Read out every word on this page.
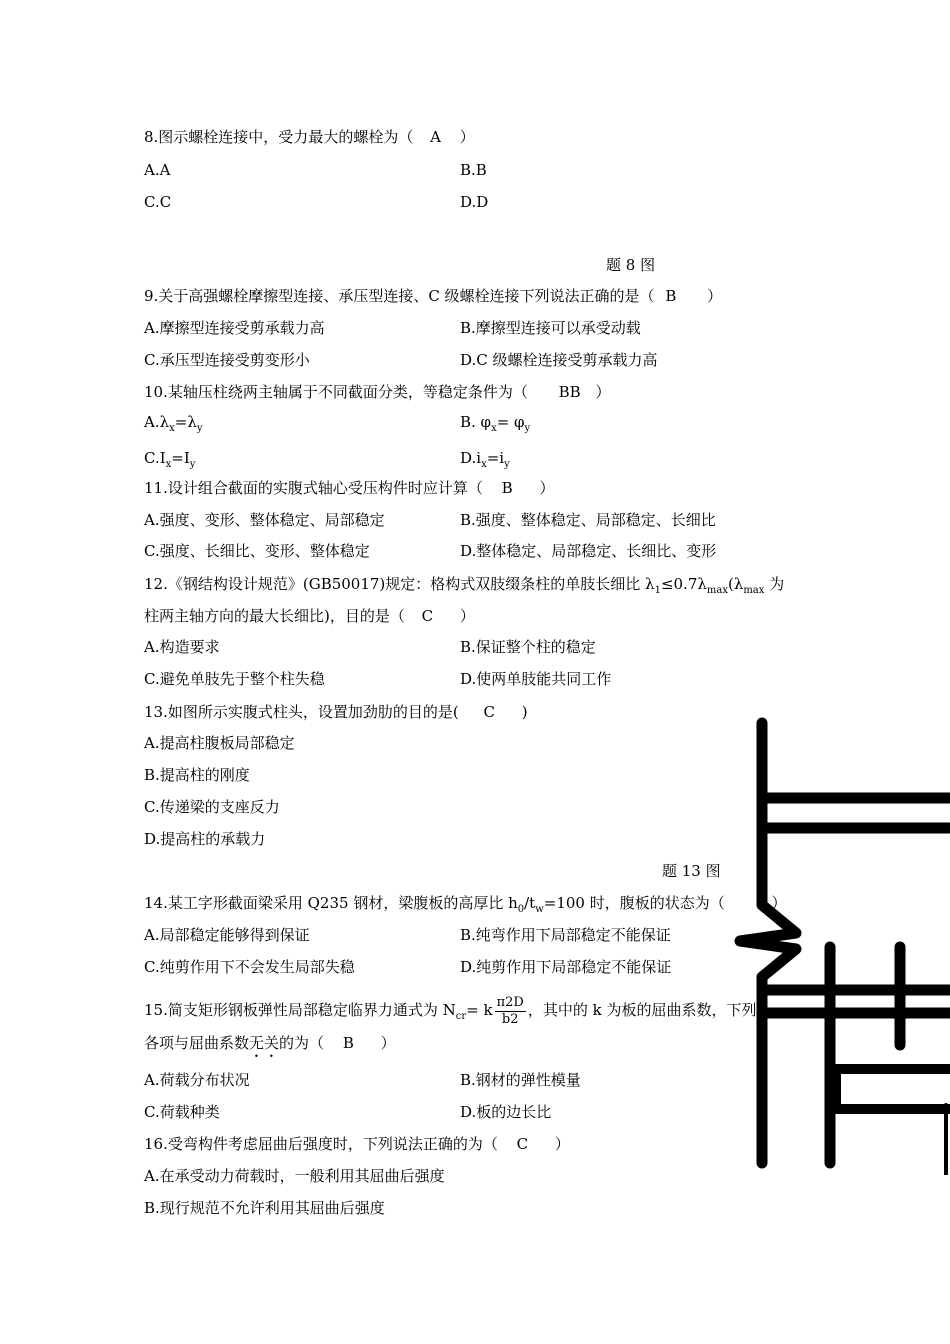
8.图示螺栓连接中，受力最大的螺栓为（ A ）
A.A	B.B
C.C	D.D
题 8 图
9.关于高强螺栓摩擦型连接、承压型连接、C 级螺栓连接下列说法正确的是（ B ）
A.摩擦型连接受剪承载力高	B.摩擦型连接可以承受动载
C.承压型连接受剪变形小	D.C 级螺栓连接受剪承载力高
10.某轴压柱绕两主轴属于不同截面分类，等稳定条件为（ BB ）
$A.\lambda_x=\lambda_y$	B. $\varphi_x= \varphi_y$
$C.I_x=I_y$	$D.i_x=i_y$
11.设计组合截面的实腹式轴心受压构件时应计算（ B ）
A.强度、变形、整体稳定、局部稳定	B.强度、整体稳定、局部稳定、长细比
C.强度、长细比、变形、整体稳定	D.整体稳定、局部稳定、长细比、变形
12.《钢结构设计规范》(GB50017)规定：格构式双肢缀条柱的单肢长细比 $\lambda_1\le 0.7\lambda_{max}(\lambda_{max}$ 为
柱两主轴方向的最大长细比)，目的是（ C ）
A.构造要求	B.保证整个柱的稳定
C.避免单肢先于整个柱失稳	D.使两单肢能共同工作
13.如图所示实腹式柱头，设置加劲肋的目的是( C )
A.提高柱腹板局部稳定
B.提高柱的刚度
C.传递梁的支座反力
D.提高柱的承载力
题 13 图
14.某工字形截面梁采用 Q235 钢材，梁腹板的高厚比 $h_0/t_w=100$ 时，腹板的状态为（	）
A.局部稳定能够得到保证	B.纯弯作用下局部稳定不能保证
C.纯剪作用下不会发生局部失稳	D.纯剪作用下局部稳定不能保证
15.简支矩形钢板弹性局部稳定临界力通式为 $N_{cr}= k \frac{\pi 2D}{b2}$ ，其中的 k 为板的屈曲系数，下列
各项与屈曲系数无关的为（ B ）
A.荷载分布状况	B.钢材的弹性模量
C.荷载种类	D.板的边长比
16.受弯构件考虑屈曲后强度时，下列说法正确的为（ C ）
A.在承受动力荷载时，一般利用其屈曲后强度
B.现行规范不允许利用其屈曲后强度
